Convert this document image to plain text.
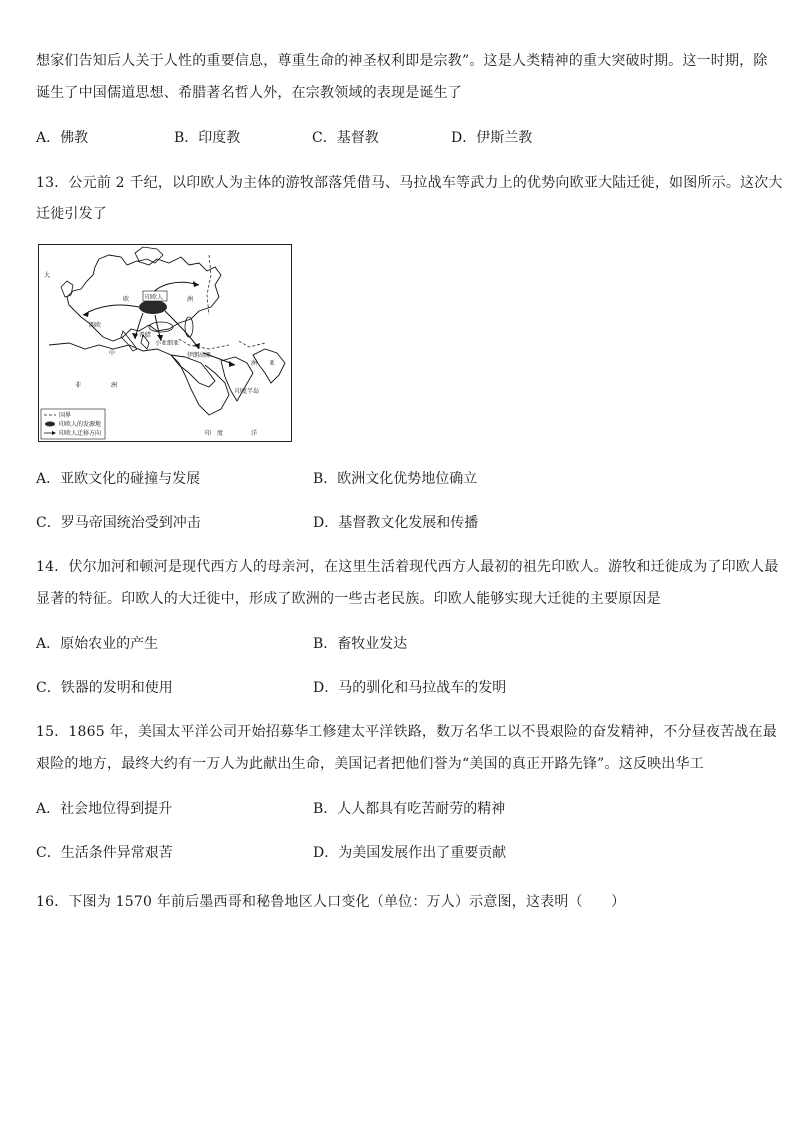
想家们告知后人关于人性的重要信息，尊重生命的神圣权利即是宗教”。这是人类精神的重大突破时期。这一时期，除
诞生了中国儒道思想、希腊著名哲人外，在宗教领域的表现是诞生了
A．佛教	B．印度教	C．基督教	D．伊斯兰教
13．公元前 2 千纪，以印欧人为主体的游牧部落凭借马、马拉战车等武力上的优势向欧亚大陆迁徙，如图所示。这次大
迁徙引发了
大
欧	洲
印欧人
西欧
中
希腊
小亚细亚
伊朗高原
洲 亚
印度半岛
非	洲
印 度	洋
国界
印欧人的发源地
印欧人迁移方向
A．亚欧文化的碰撞与发展	B．欧洲文化优势地位确立
C．罗马帝国统治受到冲击	D．基督教文化发展和传播
14．伏尔加河和顿河是现代西方人的母亲河，在这里生活着现代西方人最初的祖先印欧人。游牧和迁徙成为了印欧人最
显著的特征。印欧人的大迁徙中，形成了欧洲的一些古老民族。印欧人能够实现大迁徙的主要原因是
A．原始农业的产生	B．畜牧业发达
C．铁器的发明和使用	D．马的驯化和马拉战车的发明
15．1865 年，美国太平洋公司开始招募华工修建太平洋铁路，数万名华工以不畏艰险的奋发精神，不分昼夜苦战在最
艰险的地方，最终大约有一万人为此献出生命，美国记者把他们誉为“美国的真正开路先锋”。这反映出华工
A．社会地位得到提升	B．人人都具有吃苦耐劳的精神
C．生活条件异常艰苦	D．为美国发展作出了重要贡献
16．下图为 1570 年前后墨西哥和秘鲁地区人口变化（单位：万人）示意图，这表明（　　）
